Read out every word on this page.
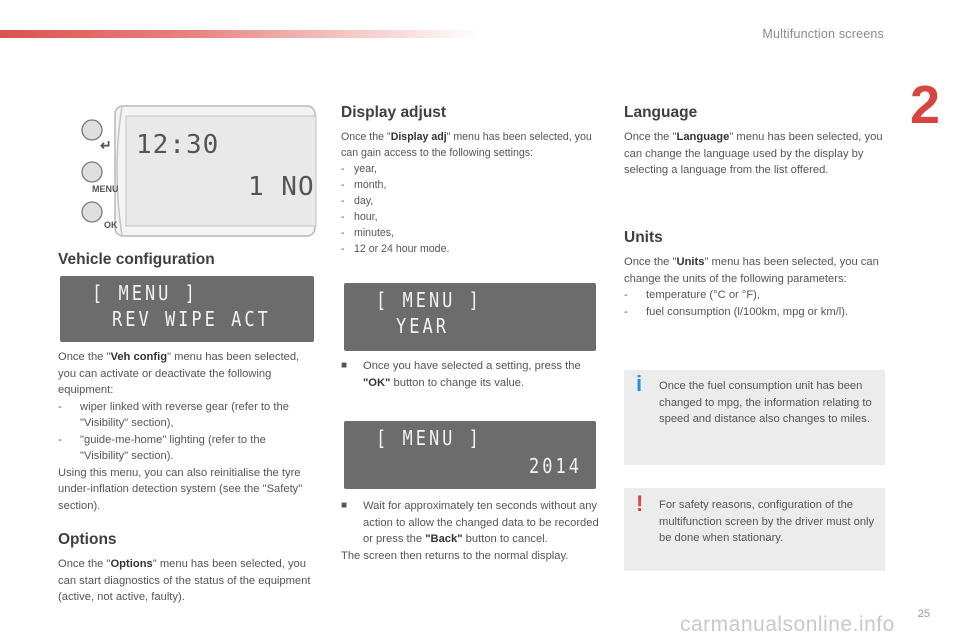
Multifunction screens
2
↵
MENU
OK
12:30
1 NO
Vehicle configuration
[ MENU ]
REV WIPE ACT

Once the "Veh config" menu has been selected, you can activate or deactivate the following equipment:

- wiper linked with reverse gear (refer to the "Visibility" section),
- "guide-me-home" lighting (refer to the "Visibility" section).

Using this menu, you can also reinitialise the tyre under-inflation detection system (see the "Safety" section).

Options

Once the "Options" menu has been selected, you can start diagnostics of the status of the equipment (active, not active, faulty).

Display adjust

Once the "Display adj" menu has been selected, you can gain access to the following settings:

- year,
- month,
- day,
- hour,
- minutes,
- 12 or 24 hour mode.
[ MENU ]
YEAR
■ Once you have selected a setting, press the "OK" button to change its value.
[ MENU ]
2014
■ Wait for approximately ten seconds without any action to allow the changed data to be recorded or press the "Back" button to cancel.

The screen then returns to the normal display.

Language

Once the "Language" menu has been selected, you can change the language used by the display by selecting a language from the list offered.

Units

Once the "Units" menu has been selected, you can change the units of the following parameters:

- temperature (°C or °F),
- fuel consumption (l/100km, mpg or km/l).
i Once the fuel consumption unit has been changed to mpg, the information relating to speed and distance also changes to miles.

! For safety reasons, configuration of the multifunction screen by the driver must only be done when stationary.

25
carmanualsonline.info
